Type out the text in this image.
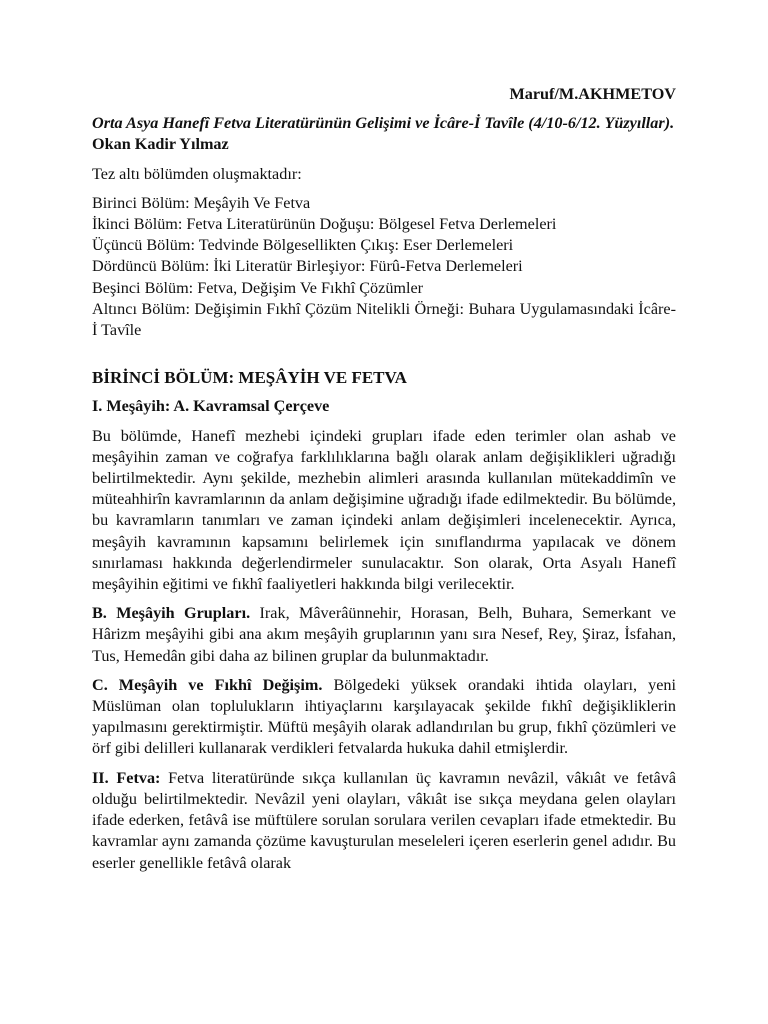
Maruf/M.AKHMETOV
Orta Asya Hanefî Fetva Literatürünün Gelişimi ve İcâre-İ Tavîle (4/10-6/12. Yüzyıllar). Okan Kadir Yılmaz
Tez altı bölümden oluşmaktadır:
Birinci Bölüm: Meşâyih Ve Fetva
İkinci Bölüm: Fetva Literatürünün Doğuşu: Bölgesel Fetva Derlemeleri
Üçüncü Bölüm: Tedvinde Bölgesellikten Çıkış: Eser Derlemeleri
Dördüncü Bölüm: İki Literatür Birleşiyor: Fürû-Fetva Derlemeleri
Beşinci Bölüm: Fetva, Değişim Ve Fıkhî Çözümler
Altıncı Bölüm: Değişimin Fıkhî Çözüm Nitelikli Örneği: Buhara Uygulamasındaki İcâre-İ Tavîle
BİRİNCİ BÖLÜM: MEŞÂYİH VE FETVA
I. Meşâyih: A. Kavramsal Çerçeve

Bu bölümde, Hanefî mezhebi içindeki grupları ifade eden terimler olan ashab ve meşâyihin zaman ve coğrafya farklılıklarına bağlı olarak anlam değişiklikleri uğradığı belirtilmektedir. Aynı şekilde, mezhebin alimleri arasında kullanılan mütekaddimîn ve müteahhirîn kavramlarının da anlam değişimine uğradığı ifade edilmektedir. Bu bölümde, bu kavramların tanımları ve zaman içindeki anlam değişimleri incelenecektir. Ayrıca, meşâyih kavramının kapsamını belirlemek için sınıflandırma yapılacak ve dönem sınırlaması hakkında değerlendirmeler sunulacaktır. Son olarak, Orta Asyalı Hanefî meşâyihin eğitimi ve fıkhî faaliyetleri hakkında bilgi verilecektir.

B. Meşâyih Grupları. Irak, Mâverâünnehir, Horasan, Belh, Buhara, Semerkant ve Hârizm meşâyihi gibi ana akım meşâyih gruplarının yanı sıra Nesef, Rey, Şiraz, İsfahan, Tus, Hemedân gibi daha az bilinen gruplar da bulunmaktadır.

C. Meşâyih ve Fıkhî Değişim. Bölgedeki yüksek orandaki ihtida olayları, yeni Müslüman olan toplulukların ihtiyaçlarını karşılayacak şekilde fıkhî değişikliklerin yapılmasını gerektirmiştir. Müftü meşâyih olarak adlandırılan bu grup, fıkhî çözümleri ve örf gibi delilleri kullanarak verdikleri fetvalarda hukuka dahil etmişlerdir.

II. Fetva: Fetva literatüründe sıkça kullanılan üç kavramın nevâzil, vâkıât ve fetâvâ olduğu belirtilmektedir. Nevâzil yeni olayları, vâkıât ise sıkça meydana gelen olayları ifade ederken, fetâvâ ise müftülere sorulan sorulara verilen cevapları ifade etmektedir. Bu kavramlar aynı zamanda çözüme kavuşturulan meseleleri içeren eserlerin genel adıdır. Bu eserler genellikle fetâvâ olarak
